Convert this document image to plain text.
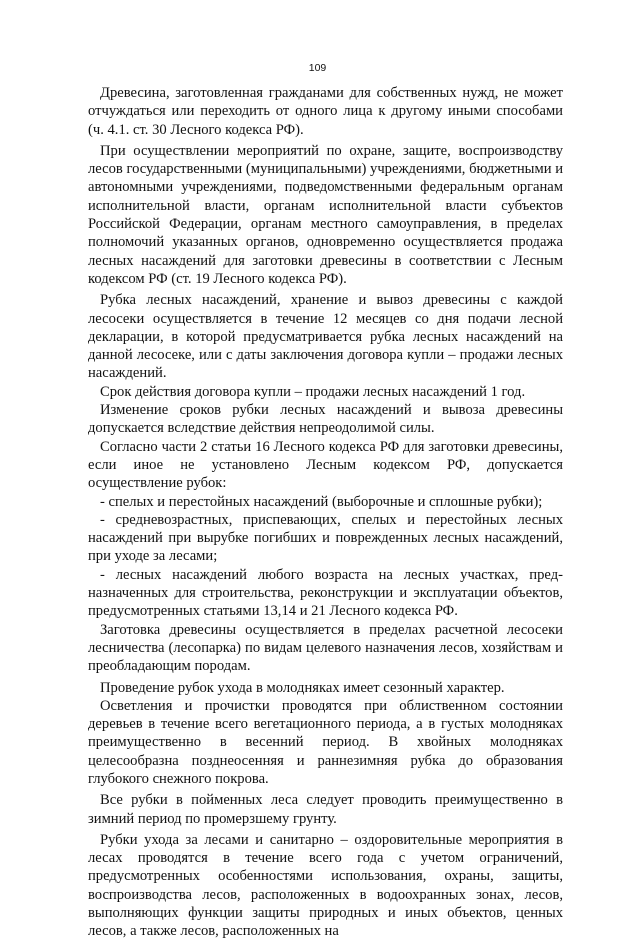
109

Древесина, заготовленная гражданами для собственных нужд, не может отчуждаться или переходить от одного лица к другому иными способами (ч. 4.1. ст. 30 Лесного кодекса РФ).

При осуществлении мероприятий по охране, защите, воспроизводству лесов государственными (муниципальными) учреждениями, бюджетными и автономными учреждениями, подведомственными федеральным органам исполнительной власти, органам исполнительной власти субъектов Российской Федерации, органам местного самоуправления, в пределах полномочий указанных органов, одновременно осуществляется продажа лесных насаждений для заготовки древесины в соответствии с Лесным кодексом РФ (ст. 19 Лесного кодекса РФ).

Рубка лесных насаждений, хранение и вывоз древесины с каждой лесосеки осуществляется в течение 12 месяцев со дня подачи лесной декларации, в которой предусматривается рубка лесных насаждений на данной лесосеке, или с даты заключения договора купли – продажи лесных насаждений.

Срок действия договора купли – продажи лесных насаждений 1 год.

Изменение сроков рубки лесных насаждений и вывоза древесины допускается вследствие действия непреодолимой силы.

Согласно части 2 статьи 16 Лесного кодекса РФ для заготовки древесины, если иное не установлено Лесным кодексом РФ, допускается осуществление рубок:

- спелых и перестойных насаждений (выборочные и сплошные рубки);

- средневозрастных, приспевающих, спелых и перестойных лесных насаждений при вырубке погибших и поврежденных лесных насаждений, при уходе за лесами;

- лесных насаждений любого возраста на лесных участках, пред-назначенных для строительства, реконструкции и эксплуатации объектов, предусмотренных статьями 13,14 и 21 Лесного кодекса РФ.

Заготовка древесины осуществляется в пределах расчетной лесосеки лесничества (лесопарка) по видам целевого назначения лесов, хозяйствам и преобладающим породам.

Проведение рубок ухода в молодняках имеет сезонный характер.

Осветления и прочистки проводятся при облиственном состоянии деревьев в течение всего вегетационного периода, а в густых молодняках преимущественно в весенний период. В хвойных молодняках целесообразна позднеосенняя и раннезимняя рубка до образования глубокого снежного покрова.

Все рубки в пойменных леса следует проводить преимущественно в зимний период по промерзшему грунту.

Рубки ухода за лесами и санитарно – оздоровительные мероприятия в лесах проводятся в течение всего года с учетом ограничений, предусмотренных особенностями использования, охраны, защиты, воспроизводства лесов, расположенных в водоохранных зонах, лесов, выполняющих функции защиты природных и иных объектов, ценных лесов, а также лесов, расположенных на
